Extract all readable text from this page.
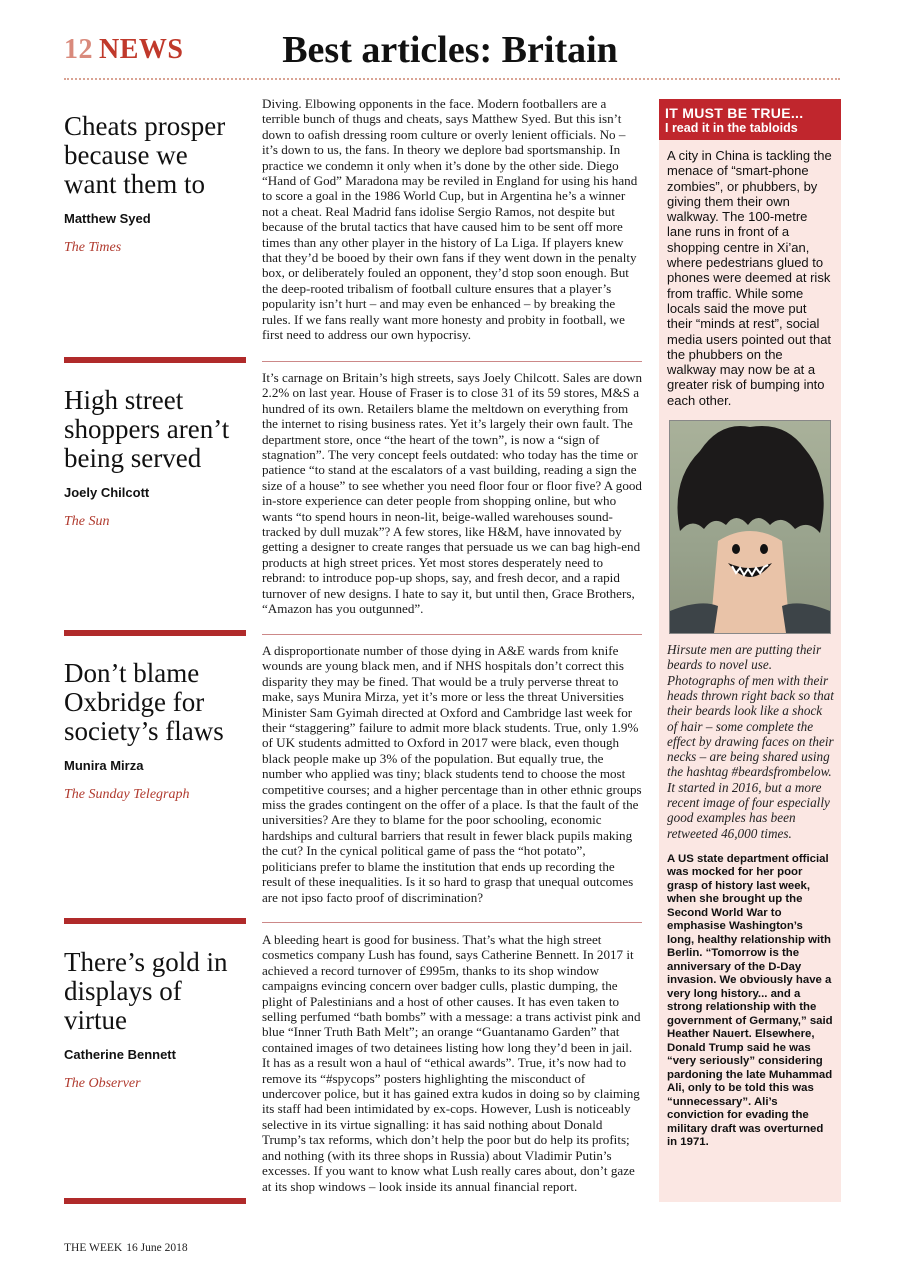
12 NEWS	Best articles: Britain
Cheats prosper because we want them to
Matthew Syed
The Times

Diving. Elbowing opponents in the face. Modern footballers are a terrible bunch of thugs and cheats, says Matthew Syed. But this isn’t down to oafish dressing room culture or overly lenient officials. No – it’s down to us, the fans. In theory we deplore bad sportsmanship. In practice we condemn it only when it’s done by the other side. Diego “Hand of God” Maradona may be reviled in England for using his hand to score a goal in the 1986 World Cup, but in Argentina he’s a winner not a cheat. Real Madrid fans idolise Sergio Ramos, not despite but because of the brutal tactics that have caused him to be sent off more times than any other player in the history of La Liga. If players knew that they’d be booed by their own fans if they went down in the penalty box, or deliberately fouled an opponent, they’d stop soon enough. But the deep-rooted tribalism of football culture ensures that a player’s popularity isn’t hurt – and may even be enhanced – by breaking the rules. If we fans really want more honesty and probity in football, we first need to address our own hypocrisy.

High street shoppers aren’t being served
Joely Chilcott
The Sun

It’s carnage on Britain’s high streets, says Joely Chilcott. Sales are down 2.2% on last year. House of Fraser is to close 31 of its 59 stores, M&S a hundred of its own. Retailers blame the meltdown on everything from the internet to rising business rates. Yet it’s largely their own fault. The department store, once “the heart of the town”, is now a “sign of stagnation”. The very concept feels outdated: who today has the time or patience “to stand at the escalators of a vast building, reading a sign the size of a house” to see whether you need floor four or floor five? A good in-store experience can deter people from shopping online, but who wants “to spend hours in neon-lit, beige-walled warehouses sound-tracked by dull muzak”? A few stores, like H&M, have innovated by getting a designer to create ranges that persuade us we can bag high-end products at high street prices. Yet most stores desperately need to rebrand: to introduce pop-up shops, say, and fresh decor, and a rapid turnover of new designs. I hate to say it, but until then, Grace Brothers, “Amazon has you outgunned”.

Don’t blame Oxbridge for society’s flaws
Munira Mirza
The Sunday Telegraph

A disproportionate number of those dying in A&E wards from knife wounds are young black men, and if NHS hospitals don’t correct this disparity they may be fined. That would be a truly perverse threat to make, says Munira Mirza, yet it’s more or less the threat Universities Minister Sam Gyimah directed at Oxford and Cambridge last week for their “staggering” failure to admit more black students. True, only 1.9% of UK students admitted to Oxford in 2017 were black, even though black people make up 3% of the population. But equally true, the number who applied was tiny; black students tend to choose the most competitive courses; and a higher percentage than in other ethnic groups miss the grades contingent on the offer of a place. Is that the fault of the universities? Are they to blame for the poor schooling, economic hardships and cultural barriers that result in fewer black pupils making the cut? In the cynical political game of pass the “hot potato”, politicians prefer to blame the institution that ends up recording the result of these inequalities. Is it so hard to grasp that unequal outcomes are not ipso facto proof of discrimination?

There’s gold in displays of virtue
Catherine Bennett
The Observer

A bleeding heart is good for business. That’s what the high street cosmetics company Lush has found, says Catherine Bennett. In 2017 it achieved a record turnover of £995m, thanks to its shop window campaigns evincing concern over badger culls, plastic dumping, the plight of Palestinians and a host of other causes. It has even taken to selling perfumed “bath bombs” with a message: a trans activist pink and blue “Inner Truth Bath Melt”; an orange “Guantanamo Garden” that contained images of two detainees listing how long they’d been in jail. It has as a result won a haul of “ethical awards”. True, it’s now had to remove its “#spycops” posters highlighting the misconduct of undercover police, but it has gained extra kudos in doing so by claiming its staff had been intimidated by ex-cops. However, Lush is noticeably selective in its virtue signalling: it has said nothing about Donald Trump’s tax reforms, which don’t help the poor but do help its profits; and nothing (with its three shops in Russia) about Vladimir Putin’s excesses. If you want to know what Lush really cares about, don’t gaze at its shop windows – look inside its annual financial report.

IT MUST BE TRUE...
I read it in the tabloids
A city in China is tackling the menace of “smart-phone zombies”, or phubbers, by giving them their own walkway. The 100-metre lane runs in front of a shopping centre in Xi’an, where pedestrians glued to phones were deemed at risk from traffic. While some locals said the move put their “minds at rest”, social media users pointed out that the phubbers on the walkway may now be at a greater risk of bumping into each other.
Hirsute men are putting their beards to novel use. Photographs of men with their heads thrown right back so that their beards look like a shock of hair – some complete the effect by drawing faces on their necks – are being shared using the hashtag #beardsfrombelow. It started in 2016, but a more recent image of four especially good examples has been retweeted 46,000 times.
A US state department official was mocked for her poor grasp of history last week, when she brought up the Second World War to emphasise Washington’s long, healthy relationship with Berlin. “Tomorrow is the anniversary of the D-Day invasion. We obviously have a very long history... and a strong relationship with the government of Germany,” said Heather Nauert. Elsewhere, Donald Trump said he was “very seriously” considering pardoning the late Muhammad Ali, only to be told this was “unnecessary”. Ali’s conviction for evading the military draft was overturned in 1971.
THE WEEK 16 June 2018
